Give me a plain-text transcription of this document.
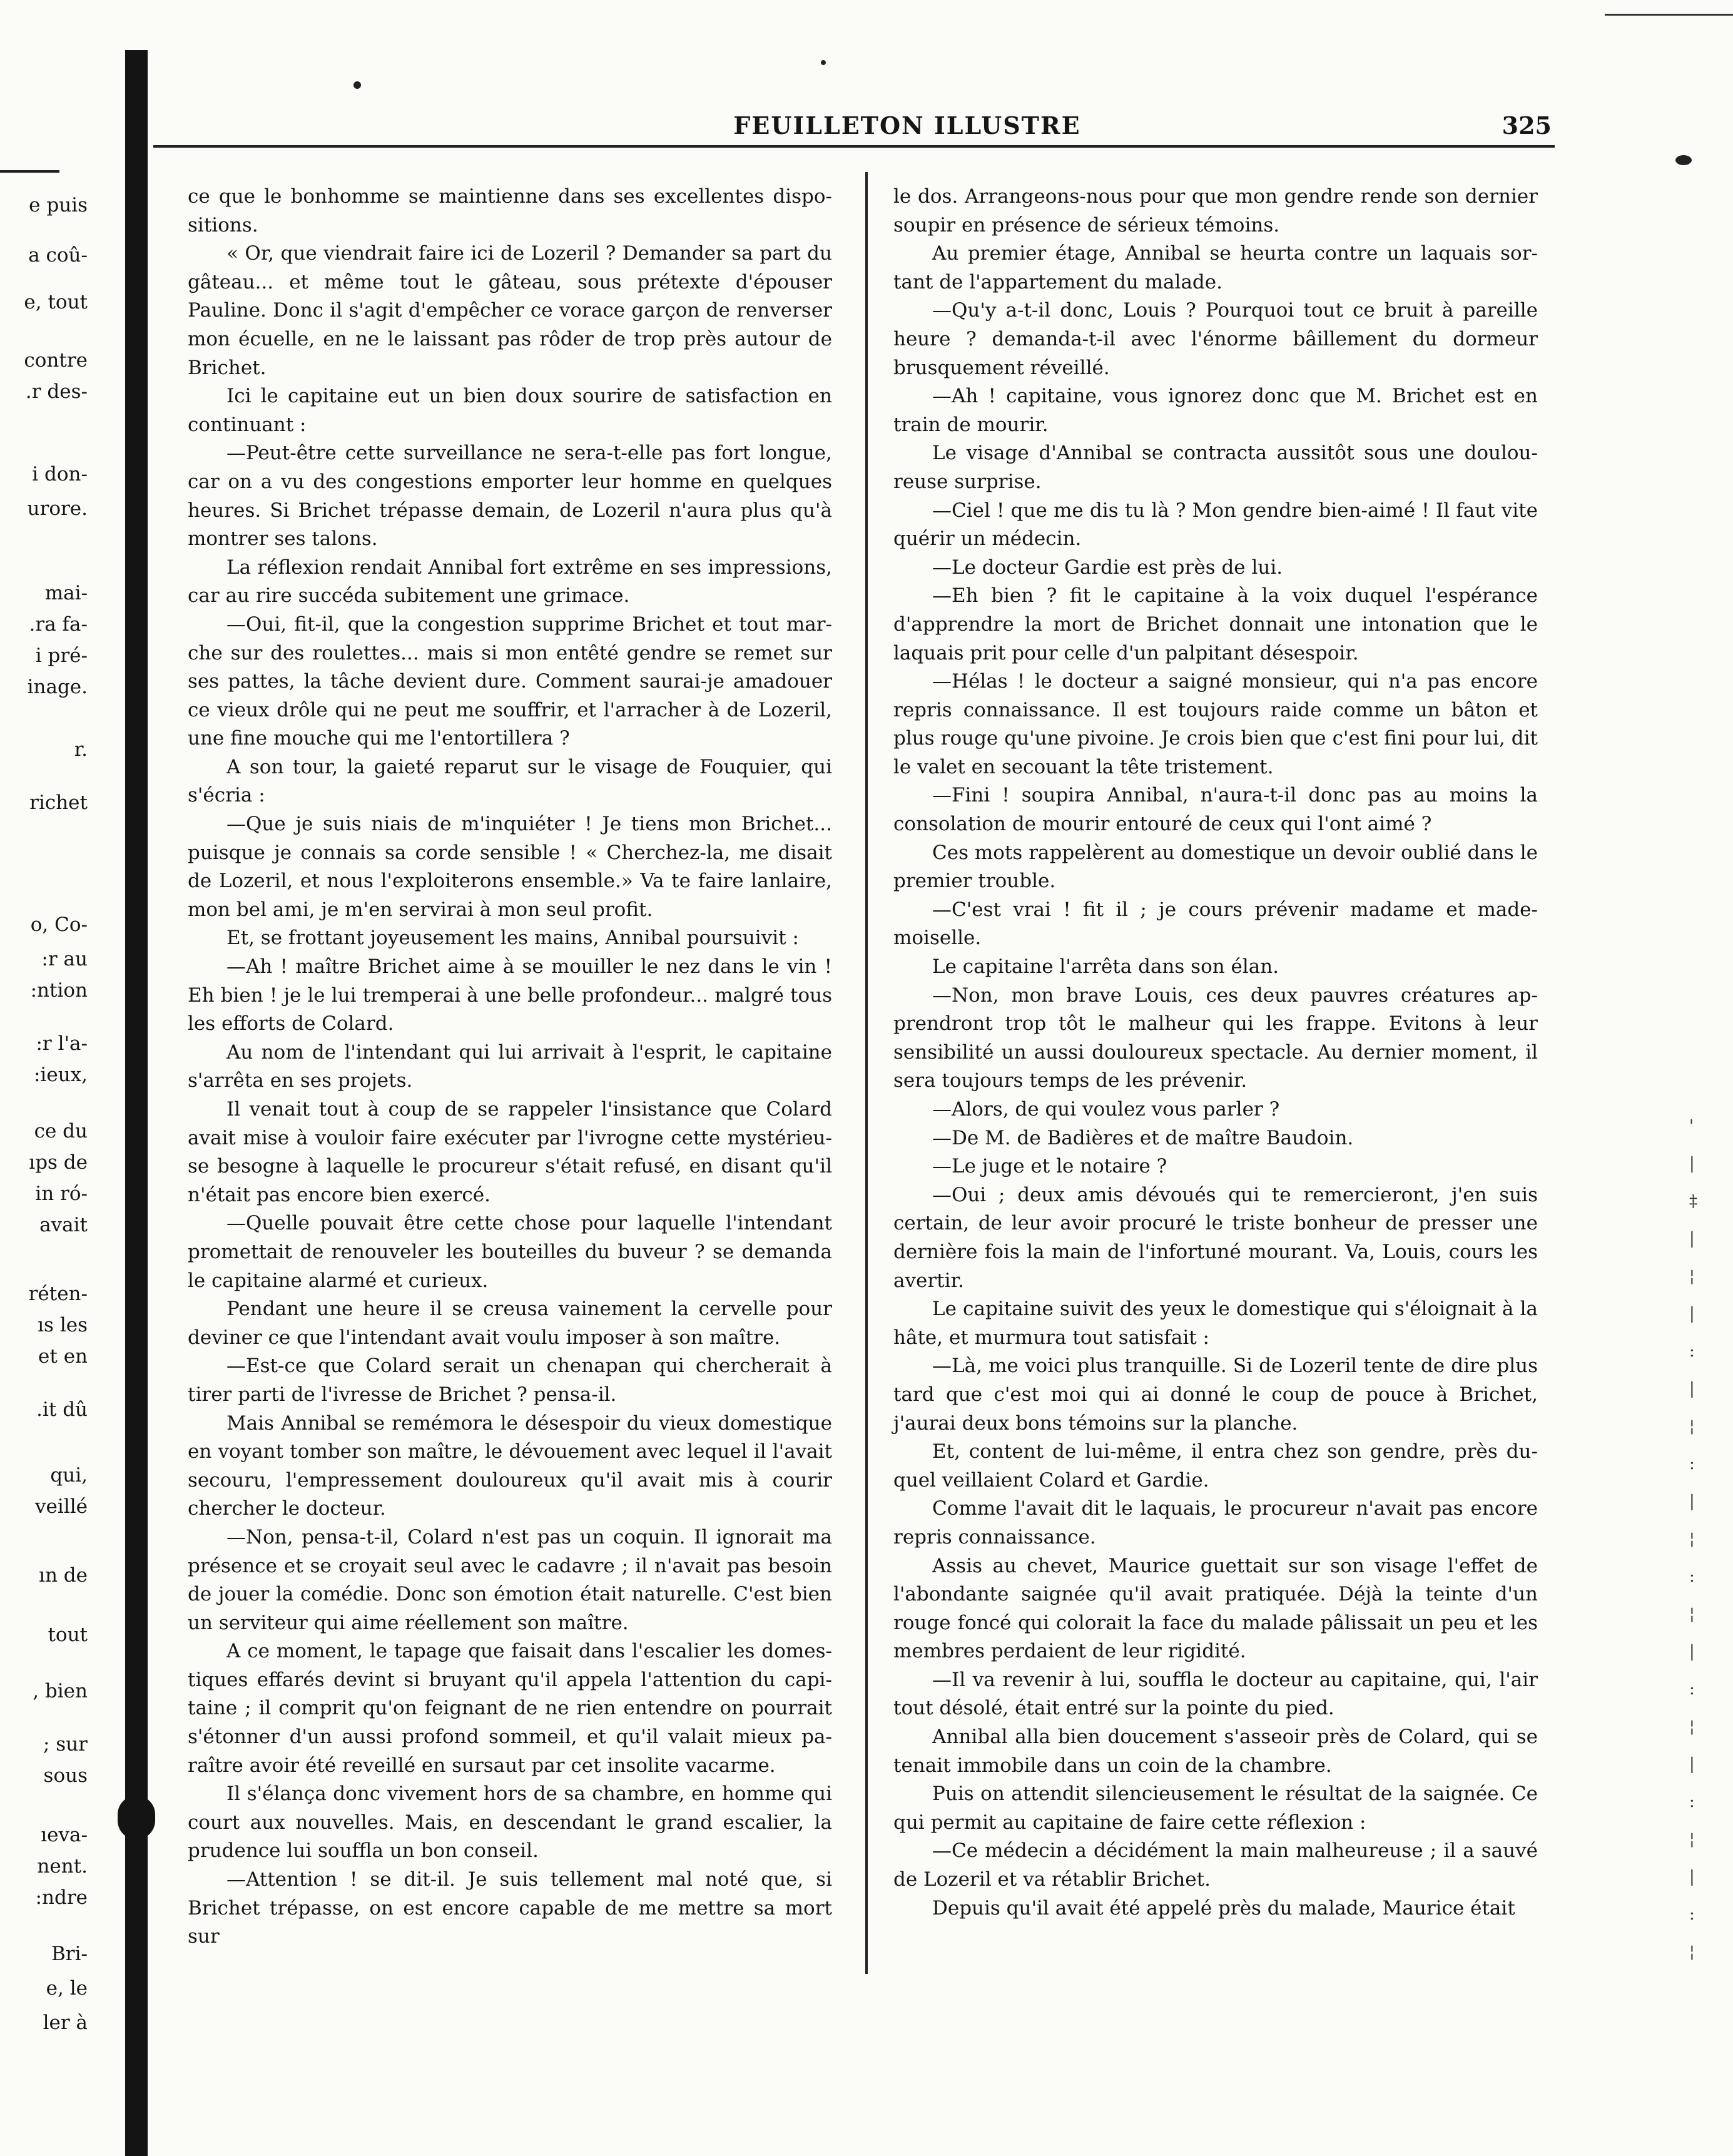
FEUILLETON ILLUSTRE	325
e puis
a coû-
e, tout
contre
.r des-
i don-
urore.
mai-
.ra fa-
i pré-
inage.
r.
richet
o, Co-
:r au
:ntion
:r l'a-
:ieux,
ce du
ıps de
in ró-
avait
réten-
ıs les
et en
.it dû
qui,
veillé
ın de
tout
, bien
; sur
sous
ıeva-
nent.
:ndre
Bri-
e, le
ler à

ce que le bonhomme se maintienne dans ses excellentes dispositions.

« Or, que viendrait faire ici de Lozeril ? Demander sa part du gâteau... et même tout le gâteau, sous prétexte d'épouser Pauline. Donc il s'agit d'empêcher ce vorace garçon de renverser mon écuelle, en ne le laissant pas rôder de trop près autour de Brichet.

Ici le capitaine eut un bien doux sourire de satisfaction en continuant :

—Peut-être cette surveillance ne sera-t-elle pas fort longue, car on a vu des congestions emporter leur homme en quelques heures. Si Brichet trépasse demain, de Lozeril n'aura plus qu'à montrer ses talons.

La réflexion rendait Annibal fort extrême en ses impressions, car au rire succéda subitement une grimace.

—Oui, fit-il, que la congestion supprime Brichet et tout marche sur des roulettes... mais si mon entêté gendre se remet sur ses pattes, la tâche devient dure. Comment saurai-je amadouer ce vieux drôle qui ne peut me souffrir, et l'arracher à de Lozeril, une fine mouche qui me l'entortillera ?

A son tour, la gaieté reparut sur le visage de Fouquier, qui s'écria :

—Que je suis niais de m'inquiéter ! Je tiens mon Brichet... puisque je connais sa corde sensible ! « Cherchez-la, me disait de Lozeril, et nous l'exploiterons ensemble.» Va te faire lanlaire, mon bel ami, je m'en servirai à mon seul profit.

Et, se frottant joyeusement les mains, Annibal poursuivit :

—Ah ! maître Brichet aime à se mouiller le nez dans le vin ! Eh bien ! je le lui tremperai à une belle profondeur... malgré tous les efforts de Colard.

Au nom de l'intendant qui lui arrivait à l'esprit, le capitaine s'arrêta en ses projets.

Il venait tout à coup de se rappeler l'insistance que Colard avait mise à vouloir faire exécuter par l'ivrogne cette mystérieuse besogne à laquelle le procureur s'était refusé, en disant qu'il n'était pas encore bien exercé.

—Quelle pouvait être cette chose pour laquelle l'intendant promettait de renouveler les bouteilles du buveur ? se demanda le capitaine alarmé et curieux.

Pendant une heure il se creusa vainement la cervelle pour deviner ce que l'intendant avait voulu imposer à son maître.

—Est-ce que Colard serait un chenapan qui chercherait à tirer parti de l'ivresse de Brichet ? pensa-il.

Mais Annibal se remémora le désespoir du vieux domestique en voyant tomber son maître, le dévouement avec lequel il l'avait secouru, l'empressement douloureux qu'il avait mis à courir chercher le docteur.

—Non, pensa-t-il, Colard n'est pas un coquin. Il ignorait ma présence et se croyait seul avec le cadavre ; il n'avait pas besoin de jouer la comédie. Donc son émotion était naturelle. C'est bien un serviteur qui aime réellement son maître.

A ce moment, le tapage que faisait dans l'escalier les domestiques effarés devint si bruyant qu'il appela l'attention du capitaine ; il comprit qu'on feignant de ne rien entendre on pourrait s'étonner d'un aussi profond sommeil, et qu'il valait mieux paraître avoir été reveillé en sursaut par cet insolite vacarme.

Il s'élança donc vivement hors de sa chambre, en homme qui court aux nouvelles. Mais, en descendant le grand escalier, la prudence lui souffla un bon conseil.

—Attention ! se dit-il. Je suis tellement mal noté que, si Brichet trépasse, on est encore capable de me mettre sa mort sur

le dos. Arrangeons-nous pour que mon gendre rende son dernier soupir en présence de sérieux témoins.

Au premier étage, Annibal se heurta contre un laquais sortant de l'appartement du malade.

—Qu'y a-t-il donc, Louis ? Pourquoi tout ce bruit à pareille heure ? demanda-t-il avec l'énorme bâillement du dormeur brusquement réveillé.

—Ah ! capitaine, vous ignorez donc que M. Brichet est en train de mourir.

Le visage d'Annibal se contracta aussitôt sous une douloureuse surprise.

—Ciel ! que me dis tu là ? Mon gendre bien-aimé ! Il faut vite quérir un médecin.

—Le docteur Gardie est près de lui.

—Eh bien ? fit le capitaine à la voix duquel l'espérance d'apprendre la mort de Brichet donnait une intonation que le laquais prit pour celle d'un palpitant désespoir.

—Hélas ! le docteur a saigné monsieur, qui n'a pas encore repris connaissance. Il est toujours raide comme un bâton et plus rouge qu'une pivoine. Je crois bien que c'est fini pour lui, dit le valet en secouant la tête tristement.

—Fini ! soupira Annibal, n'aura-t-il donc pas au moins la consolation de mourir entouré de ceux qui l'ont aimé ?

Ces mots rappelèrent au domestique un devoir oublié dans le premier trouble.

—C'est vrai ! fit il ; je cours prévenir madame et mademoiselle.

Le capitaine l'arrêta dans son élan.

—Non, mon brave Louis, ces deux pauvres créatures apprendront trop tôt le malheur qui les frappe. Evitons à leur sensibilité un aussi douloureux spectacle. Au dernier moment, il sera toujours temps de les prévenir.

—Alors, de qui voulez vous parler ?

—De M. de Badières et de maître Baudoin.

—Le juge et le notaire ?

—Oui ; deux amis dévoués qui te remercieront, j'en suis certain, de leur avoir procuré le triste bonheur de presser une dernière fois la main de l'infortuné mourant. Va, Louis, cours les avertir.

Le capitaine suivit des yeux le domestique qui s'éloignait à la hâte, et murmura tout satisfait :

—Là, me voici plus tranquille. Si de Lozeril tente de dire plus tard que c'est moi qui ai donné le coup de pouce à Brichet, j'aurai deux bons témoins sur la planche.

Et, content de lui-même, il entra chez son gendre, près duquel veillaient Colard et Gardie.

Comme l'avait dit le laquais, le procureur n'avait pas encore repris connaissance.

Assis au chevet, Maurice guettait sur son visage l'effet de l'abondante saignée qu'il avait pratiquée. Déjà la teinte d'un rouge foncé qui colorait la face du malade pâlissait un peu et les membres perdaient de leur rigidité.

—Il va revenir à lui, souffla le docteur au capitaine, qui, l'air tout désolé, était entré sur la pointe du pied.

Annibal alla bien doucement s'asseoir près de Colard, qui se tenait immobile dans un coin de la chambre.

Puis on attendit silencieusement le résultat de la saignée. Ce qui permit au capitaine de faire cette réflexion :

—Ce médecin a décidément la main malheureuse ; il a sauvé de Lozeril et va rétablir Brichet.

Depuis qu'il avait été appelé près du malade, Maurice était

'
|
‡
|
¦
|
:
|
¦
:
|
¦
:
¦
|
:
¦
|
:
¦
|
:
¦
